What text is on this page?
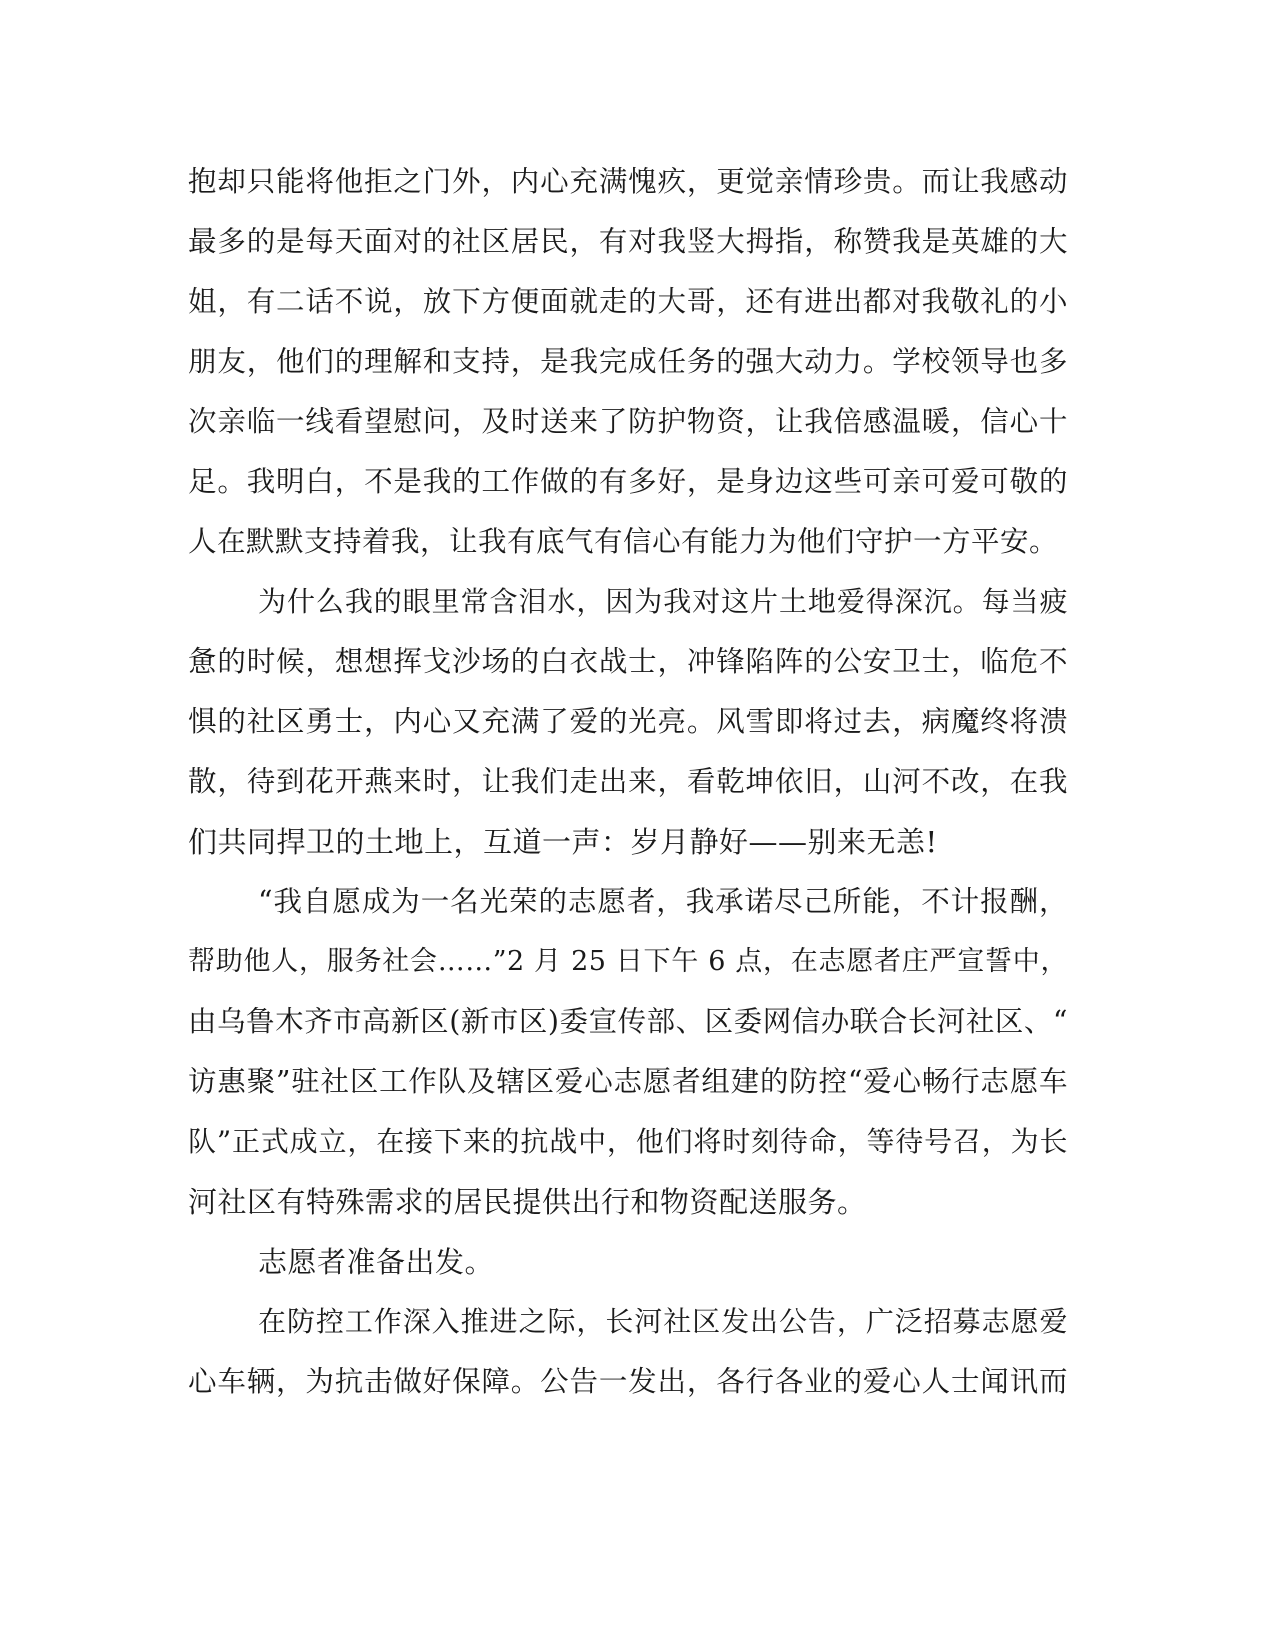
抱却只能将他拒之门外，内心充满愧疚，更觉亲情珍贵。而让我感动
最多的是每天面对的社区居民，有对我竖大拇指，称赞我是英雄的大
姐，有二话不说，放下方便面就走的大哥，还有进出都对我敬礼的小
朋友，他们的理解和支持，是我完成任务的强大动力。学校领导也多
次亲临一线看望慰问，及时送来了防护物资，让我倍感温暖，信心十
足。我明白，不是我的工作做的有多好，是身边这些可亲可爱可敬的
人在默默支持着我，让我有底气有信心有能力为他们守护一方平安。
为什么我的眼里常含泪水，因为我对这片土地爱得深沉。每当疲
惫的时候，想想挥戈沙场的白衣战士，冲锋陷阵的公安卫士，临危不
惧的社区勇士，内心又充满了爱的光亮。风雪即将过去，病魔终将溃
散，待到花开燕来时，让我们走出来，看乾坤依旧，山河不改，在我
们共同捍卫的土地上，互道一声：岁月静好——别来无恙!
“我自愿成为一名光荣的志愿者，我承诺尽己所能，不计报酬，
帮助他人，服务社会……”2 月 25 日下午 6 点，在志愿者庄严宣誓中，
由乌鲁木齐市高新区(新市区)委宣传部、区委网信办联合长河社区、“
访惠聚”驻社区工作队及辖区爱心志愿者组建的防控“爱心畅行志愿车
队”正式成立，在接下来的抗战中，他们将时刻待命，等待号召，为长
河社区有特殊需求的居民提供出行和物资配送服务。
志愿者准备出发。
在防控工作深入推进之际，长河社区发出公告，广泛招募志愿爱
心车辆，为抗击做好保障。公告一发出，各行各业的爱心人士闻讯而
